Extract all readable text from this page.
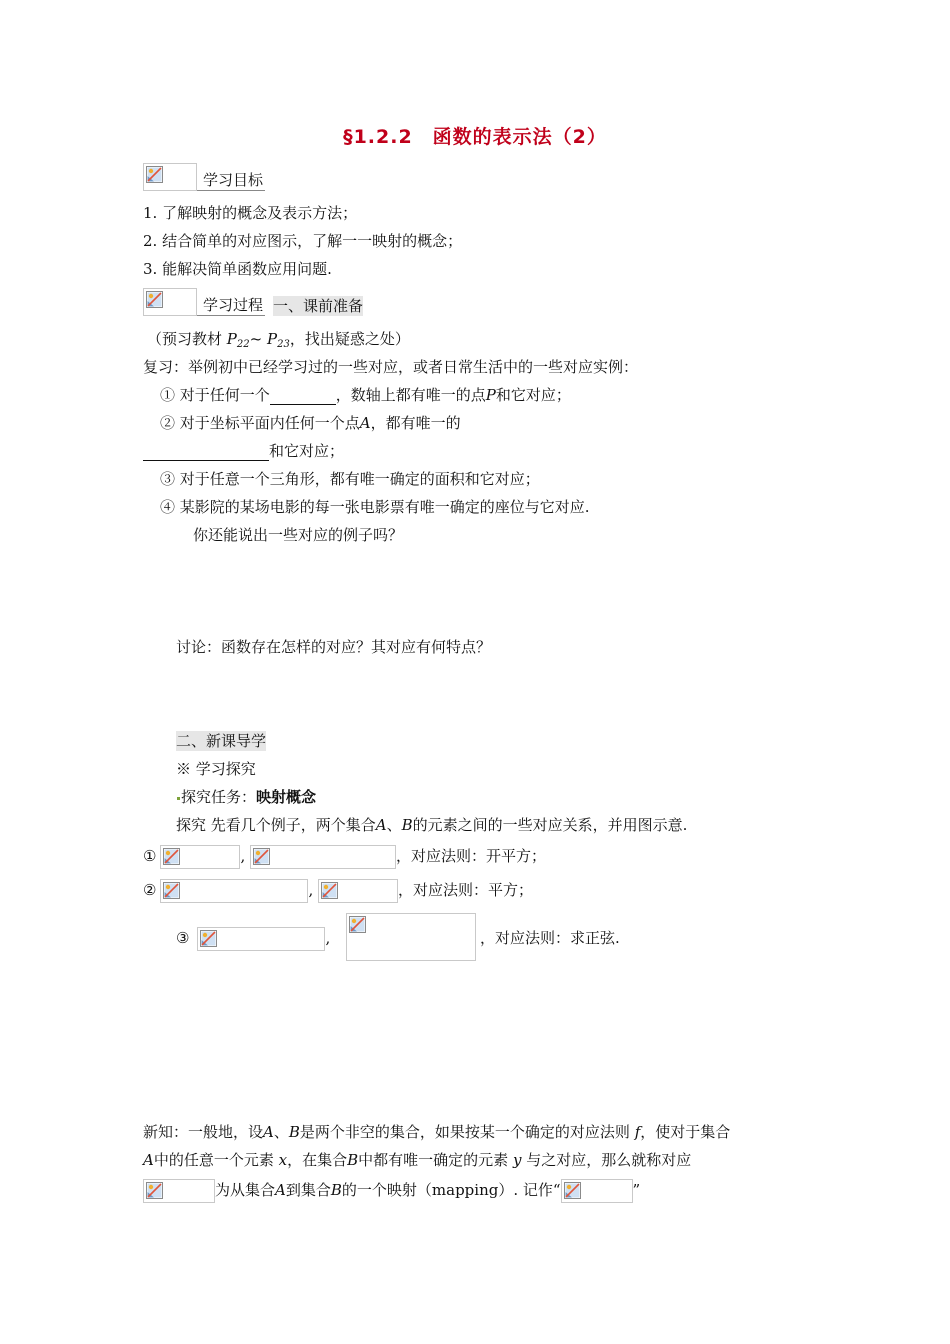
§1.2.2　函数的表示法（2）
学习目标
1. 了解映射的概念及表示方法；
2. 结合简单的对应图示，了解一一映射的概念；
3. 能解决简单函数应用问题.
学习过程 一、课前准备
（预习教材 $P_{22}\sim$ $P_{23}$，找出疑惑之处）
复习：举例初中已经学习过的一些对应，或者日常生活中的一些对应实例：
① 对于任何一个	，数轴上都有唯一的点P和它对应；
② 对于坐标平面内任何一个点A，都有唯一的
和它对应；
③ 对于任意一个三角形，都有唯一确定的面积和它对应；
④ 某影院的某场电影的每一张电影票有唯一确定的座位与它对应.
你还能说出一些对应的例子吗？
讨论：函数存在怎样的对应？其对应有何特点？
二、新课导学
※ 学习探究
探究任务：映射概念
探究 先看几个例子，两个集合A、B的元素之间的一些对应关系，并用图示意.
①	,	，对应法则：开平方；
②	,	，对应法则：平方；
③	,	，对应法则：求正弦.
新知：一般地，设A、B是两个非空的集合，如果按某一个确定的对应法则 f，使对于集合
A中的任意一个元素 x，在集合B中都有唯一确定的元素 y 与之对应，那么就称对应
为从集合A到集合B的一个映射（mapping）. 记作“	”
